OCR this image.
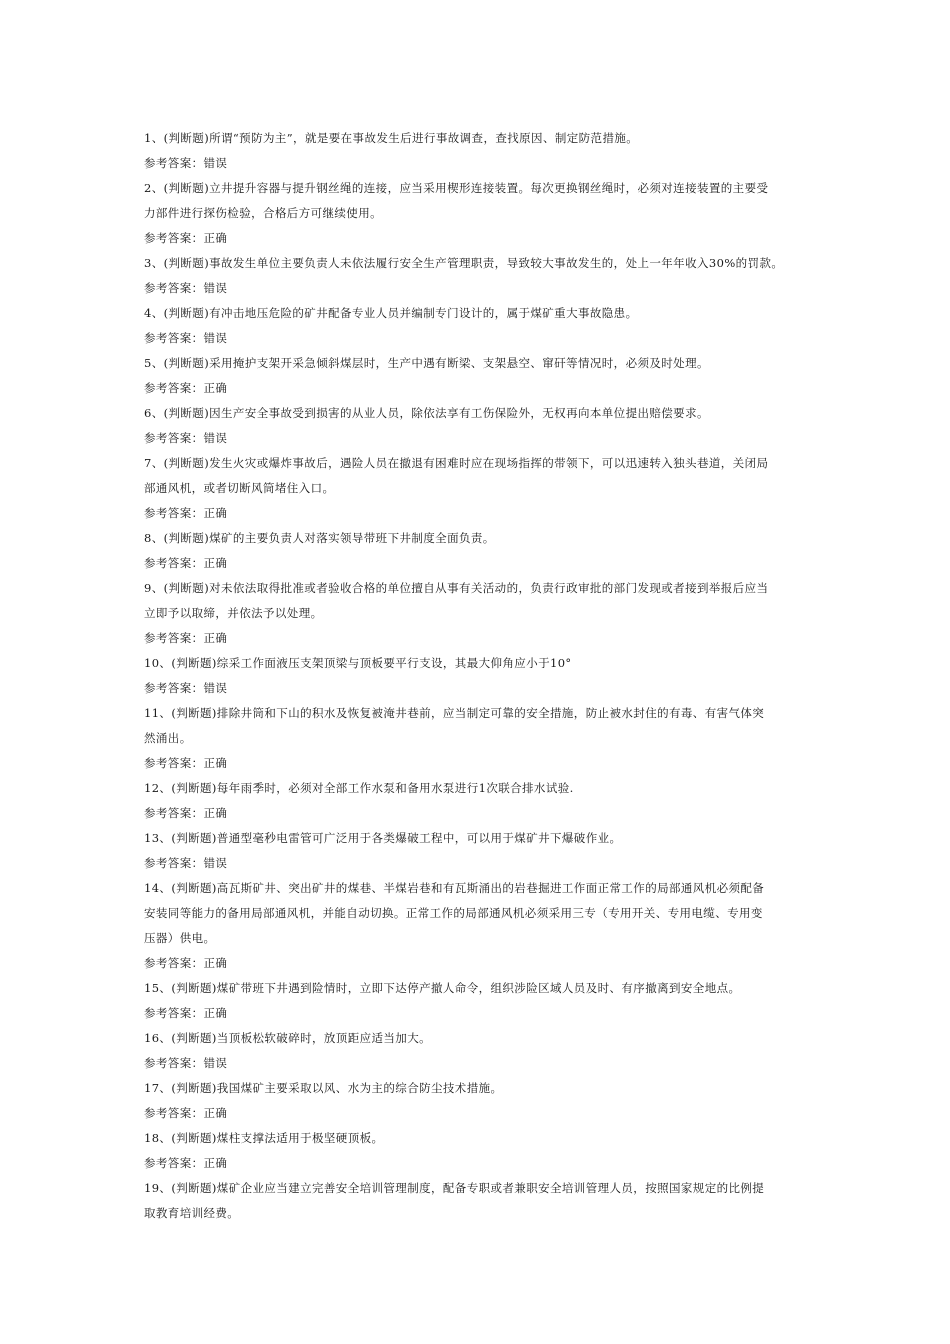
1、(判断题)所谓“预防为主”，就是要在事故发生后进行事故调查，查找原因、制定防范措施。
参考答案：错误
2、(判断题)立井提升容器与提升钢丝绳的连接，应当采用楔形连接装置。每次更换钢丝绳时，必须对连接装置的主要受
力部件进行探伤检验，合格后方可继续使用。
参考答案：正确
3、(判断题)事故发生单位主要负责人未依法履行安全生产管理职责，导致较大事故发生的，处上一年年收入30%的罚款。
参考答案：错误
4、(判断题)有冲击地压危险的矿井配备专业人员并编制专门设计的，属于煤矿重大事故隐患。
参考答案：错误
5、(判断题)采用掩护支架开采急倾斜煤层时，生产中遇有断梁、支架悬空、窜矸等情况时，必须及时处理。
参考答案：正确
6、(判断题)因生产安全事故受到损害的从业人员，除依法享有工伤保险外，无权再向本单位提出赔偿要求。
参考答案：错误
7、(判断题)发生火灾或爆炸事故后，遇险人员在撤退有困难时应在现场指挥的带领下，可以迅速转入独头巷道，关闭局
部通风机，或者切断风筒堵住入口。
参考答案：正确
8、(判断题)煤矿的主要负责人对落实领导带班下井制度全面负责。
参考答案：正确
9、(判断题)对未依法取得批准或者验收合格的单位擅自从事有关活动的，负责行政审批的部门发现或者接到举报后应当
立即予以取缔，并依法予以处理。
参考答案：正确
10、(判断题)综采工作面液压支架顶梁与顶板要平行支设，其最大仰角应小于10°
参考答案：错误
11、(判断题)排除井筒和下山的积水及恢复被淹井巷前，应当制定可靠的安全措施，防止被水封住的有毒、有害气体突
然涌出。
参考答案：正确
12、(判断题)每年雨季时，必须对全部工作水泵和备用水泵进行1次联合排水试验.
参考答案：正确
13、(判断题)普通型毫秒电雷管可广泛用于各类爆破工程中，可以用于煤矿井下爆破作业。
参考答案：错误
14、(判断题)高瓦斯矿井、突出矿井的煤巷、半煤岩巷和有瓦斯涌出的岩巷掘进工作面正常工作的局部通风机必须配备
安装同等能力的备用局部通风机，并能自动切换。正常工作的局部通风机必须采用三专（专用开关、专用电缆、专用变
压器）供电。
参考答案：正确
15、(判断题)煤矿带班下井遇到险情时，立即下达停产撤人命令，组织涉险区域人员及时、有序撤离到安全地点。
参考答案：正确
16、(判断题)当顶板松软破碎时，放顶距应适当加大。
参考答案：错误
17、(判断题)我国煤矿主要采取以风、水为主的综合防尘技术措施。
参考答案：正确
18、(判断题)煤柱支撑法适用于极坚硬顶板。
参考答案：正确
19、(判断题)煤矿企业应当建立完善安全培训管理制度，配备专职或者兼职安全培训管理人员，按照国家规定的比例提
取教育培训经费。
